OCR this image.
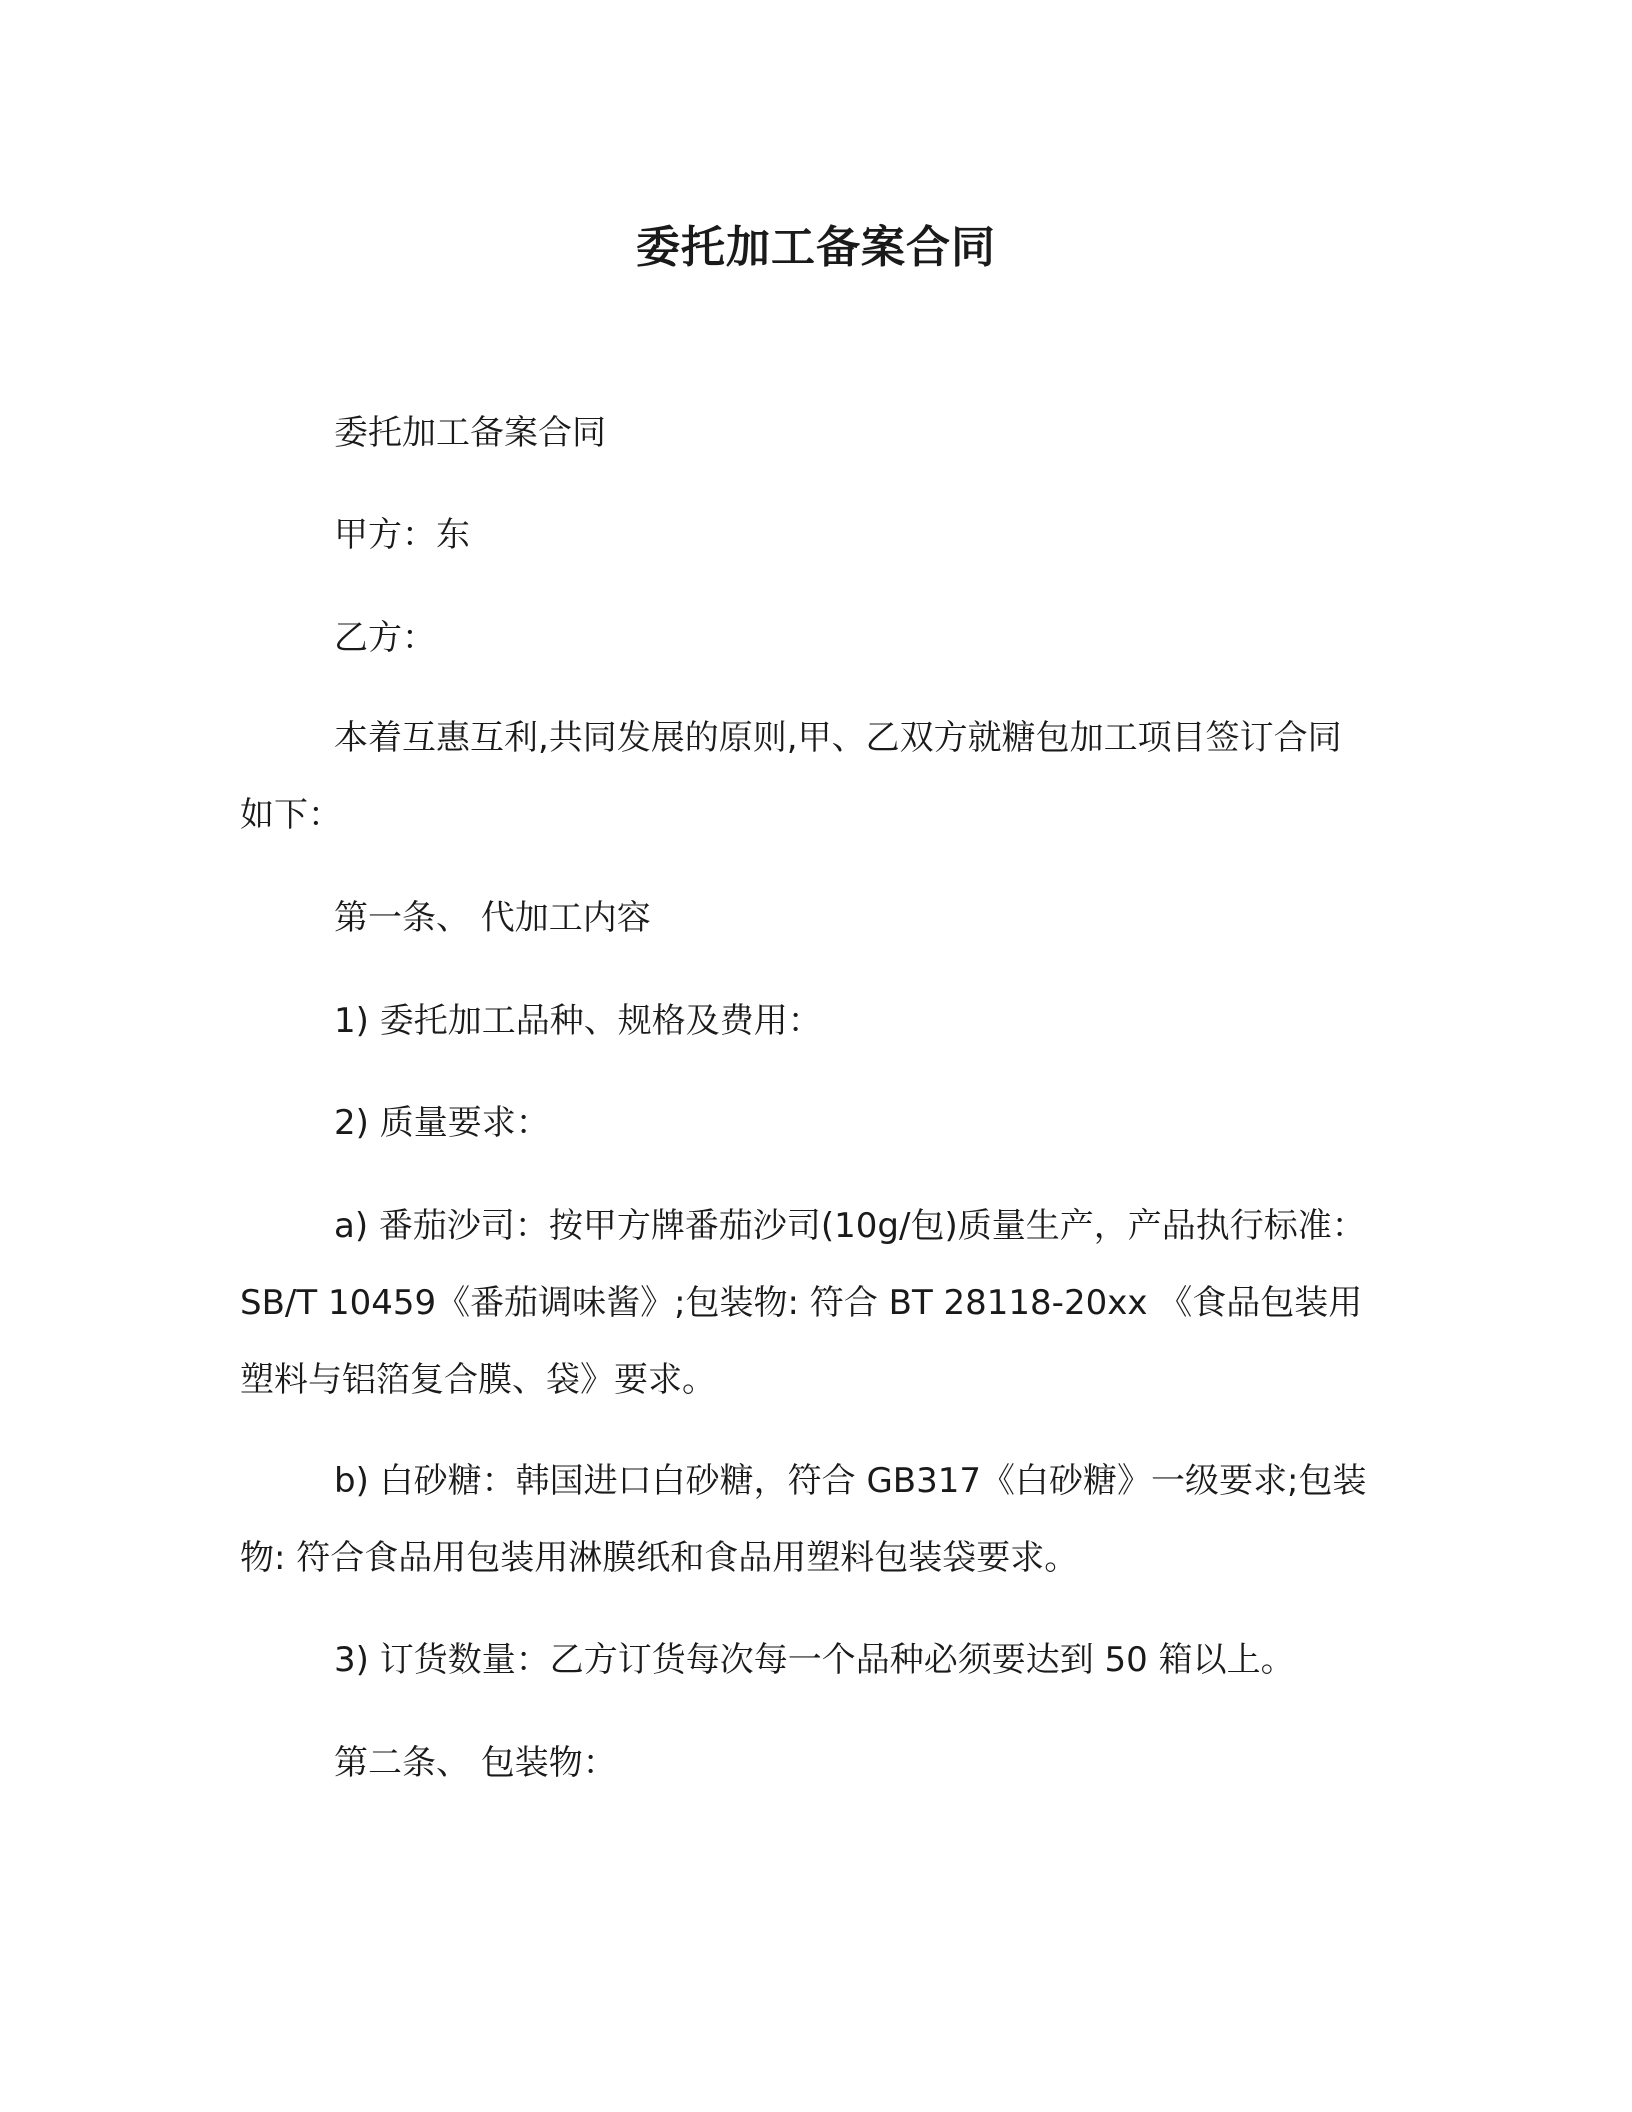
委托加工备案合同

委托加工备案合同

甲方：东

乙方：

本着互惠互利,共同发展的原则,甲、乙双方就糖包加工项目签订合同如下：

第一条、 代加工内容

1) 委托加工品种、规格及费用：

2) 质量要求：

a) 番茄沙司：按甲方牌番茄沙司(10g/包)质量生产，产品执行标准：SB/T 10459《番茄调味酱》;包装物: 符合 BT 28118-20xx 《食品包装用塑料与铝箔复合膜、袋》要求。

b) 白砂糖：韩国进口白砂糖，符合 GB317《白砂糖》一级要求;包装物: 符合食品用包装用淋膜纸和食品用塑料包装袋要求。

3) 订货数量：乙方订货每次每一个品种必须要达到 50 箱以上。

第二条、 包装物：
